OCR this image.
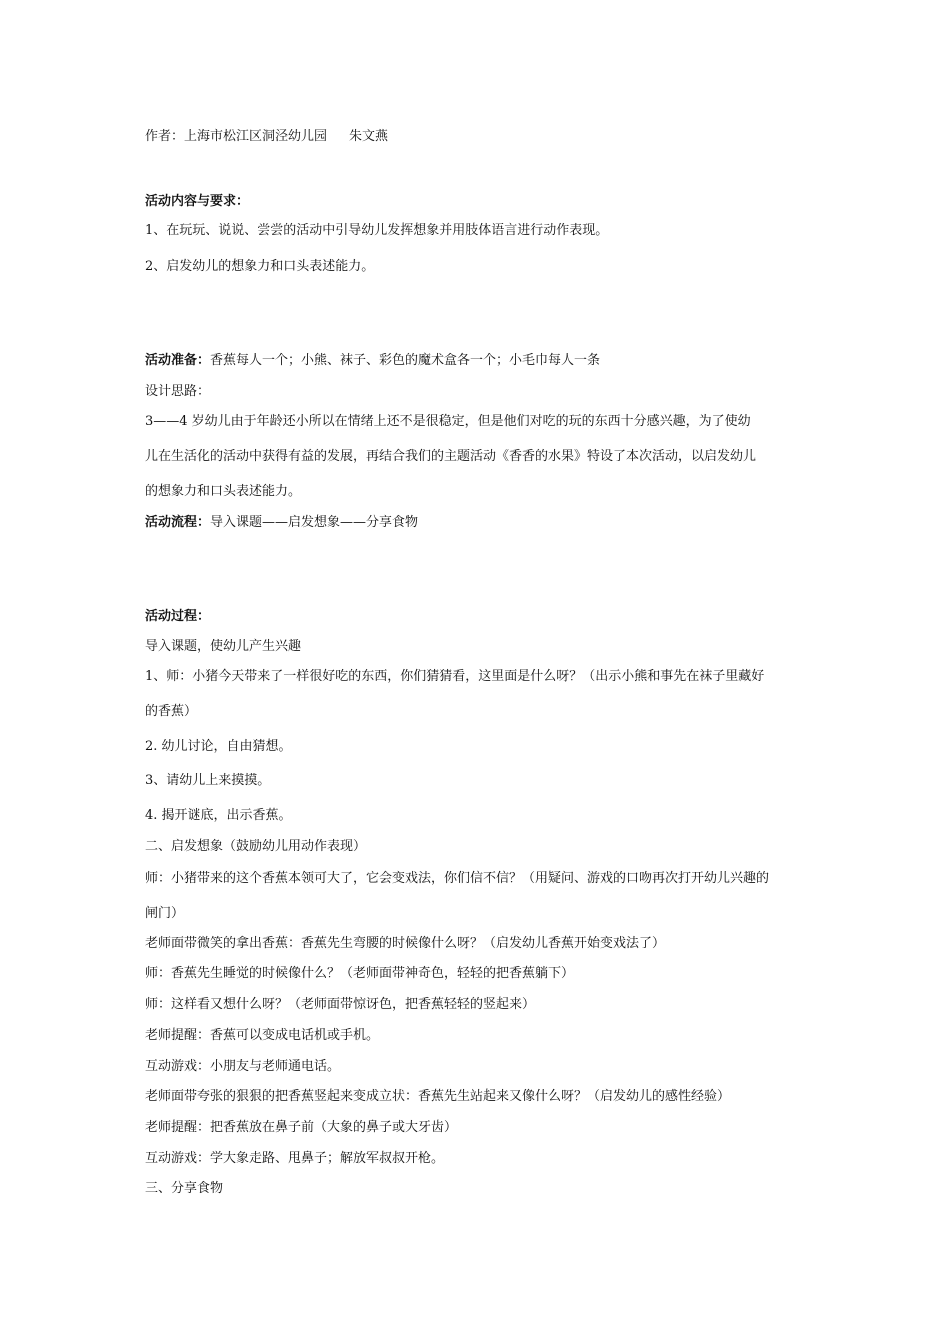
作者：上海市松江区洞泾幼儿园 朱文燕
活动内容与要求：
1、在玩玩、说说、尝尝的活动中引导幼儿发挥想象并用肢体语言进行动作表现。
2、启发幼儿的想象力和口头表述能力。
活动准备：香蕉每人一个；小熊、袜子、彩色的魔术盒各一个；小毛巾每人一条
设计思路：
3——4 岁幼儿由于年龄还小所以在情绪上还不是很稳定，但是他们对吃的玩的东西十分感兴趣，为了使幼
儿在生活化的活动中获得有益的发展，再结合我们的主题活动《香香的水果》特设了本次活动，以启发幼儿
的想象力和口头表述能力。
活动流程：导入课题——启发想象——分享食物
活动过程：
导入课题，使幼儿产生兴趣
1、师：小猪今天带来了一样很好吃的东西，你们猜猜看，这里面是什么呀？（出示小熊和事先在袜子里藏好
的香蕉）
2. 幼儿讨论，自由猜想。
3、请幼儿上来摸摸。
4. 揭开谜底，出示香蕉。
二、启发想象（鼓励幼儿用动作表现）
师：小猪带来的这个香蕉本领可大了，它会变戏法，你们信不信？（用疑问、游戏的口吻再次打开幼儿兴趣的
闸门）
老师面带微笑的拿出香蕉：香蕉先生弯腰的时候像什么呀？（启发幼儿香蕉开始变戏法了）
师：香蕉先生睡觉的时候像什么？（老师面带神奇色，轻轻的把香蕉躺下）
师：这样看又想什么呀？（老师面带惊讶色，把香蕉轻轻的竖起来）
老师提醒：香蕉可以变成电话机或手机。
互动游戏：小朋友与老师通电话。
老师面带夸张的狠狠的把香蕉竖起来变成立状：香蕉先生站起来又像什么呀？（启发幼儿的感性经验）
老师提醒：把香蕉放在鼻子前（大象的鼻子或大牙齿）
互动游戏：学大象走路、甩鼻子；解放军叔叔开枪。
三、分享食物
